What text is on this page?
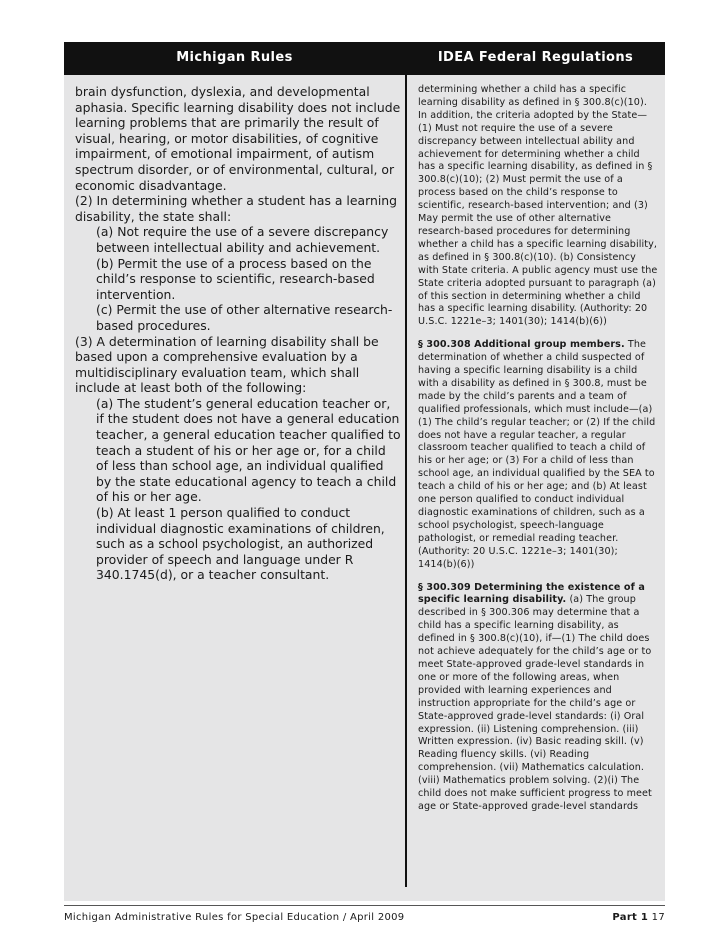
Michigan Rules	IDEA Federal Regulations

brain dysfunction, dyslexia, and developmental aphasia. Specific learning disability does not include learning problems that are primarily the result of visual, hearing, or motor disabilities, of cognitive impairment, of emotional impairment, of autism spectrum disorder, or of environmental, cultural, or economic disadvantage.

(2) In determining whether a student has a learning disability, the state shall:

(a) Not require the use of a severe discrepancy between intellectual ability and achievement.

(b) Permit the use of a process based on the child’s response to scientific, research-based intervention.

(c) Permit the use of other alternative research-based procedures.

(3) A determination of learning disability shall be based upon a comprehensive evaluation by a multidisciplinary evaluation team, which shall include at least both of the following:

(a) The student’s general education teacher or, if the student does not have a general education teacher, a general education teacher qualified to teach a student of his or her age or, for a child of less than school age, an individual qualified by the state educational agency to teach a child of his or her age.

(b) At least 1 person qualified to conduct individual diagnostic examinations of children, such as a school psychologist, an authorized provider of speech and language under R 340.1745(d), or a teacher consultant.

determining whether a child has a specific learning disability as defined in § 300.8(c)(10). In addition, the criteria adopted by the State—(1) Must not require the use of a severe discrepancy between intellectual ability and achievement for determining whether a child has a specific learning disability, as defined in § 300.8(c)(10); (2) Must permit the use of a process based on the child’s response to scientific, research-based intervention; and (3) May permit the use of other alternative research-based procedures for determining whether a child has a specific learning disability, as defined in § 300.8(c)(10). (b) Consistency with State criteria. A public agency must use the State criteria adopted pursuant to paragraph (a) of this section in determining whether a child has a specific learning disability. (Authority: 20 U.S.C. 1221e–3; 1401(30); 1414(b)(6))

§ 300.308 Additional group members. The determination of whether a child suspected of having a specific learning disability is a child with a disability as defined in § 300.8, must be made by the child’s parents and a team of qualified professionals, which must include—(a) (1) The child’s regular teacher; or (2) If the child does not have a regular teacher, a regular classroom teacher qualified to teach a child of his or her age; or (3) For a child of less than school age, an individual qualified by the SEA to teach a child of his or her age; and (b) At least one person qualified to conduct individual diagnostic examinations of children, such as a school psychologist, speech-language pathologist, or remedial reading teacher. (Authority: 20 U.S.C. 1221e–3; 1401(30); 1414(b)(6))

§ 300.309 Determining the existence of a specific learning disability. (a) The group described in § 300.306 may determine that a child has a specific learning disability, as defined in § 300.8(c)(10), if—(1) The child does not achieve adequately for the child’s age or to meet State-approved grade-level standards in one or more of the following areas, when provided with learning experiences and instruction appropriate for the child’s age or State-approved grade-level standards: (i) Oral expression. (ii) Listening comprehension. (iii) Written expression. (iv) Basic reading skill. (v) Reading fluency skills. (vi) Reading comprehension. (vii) Mathematics calculation. (viii) Mathematics problem solving. (2)(i) The child does not make sufficient progress to meet age or State-approved grade-level standards

Michigan Administrative Rules for Special Education / April 2009	Part 1 17
